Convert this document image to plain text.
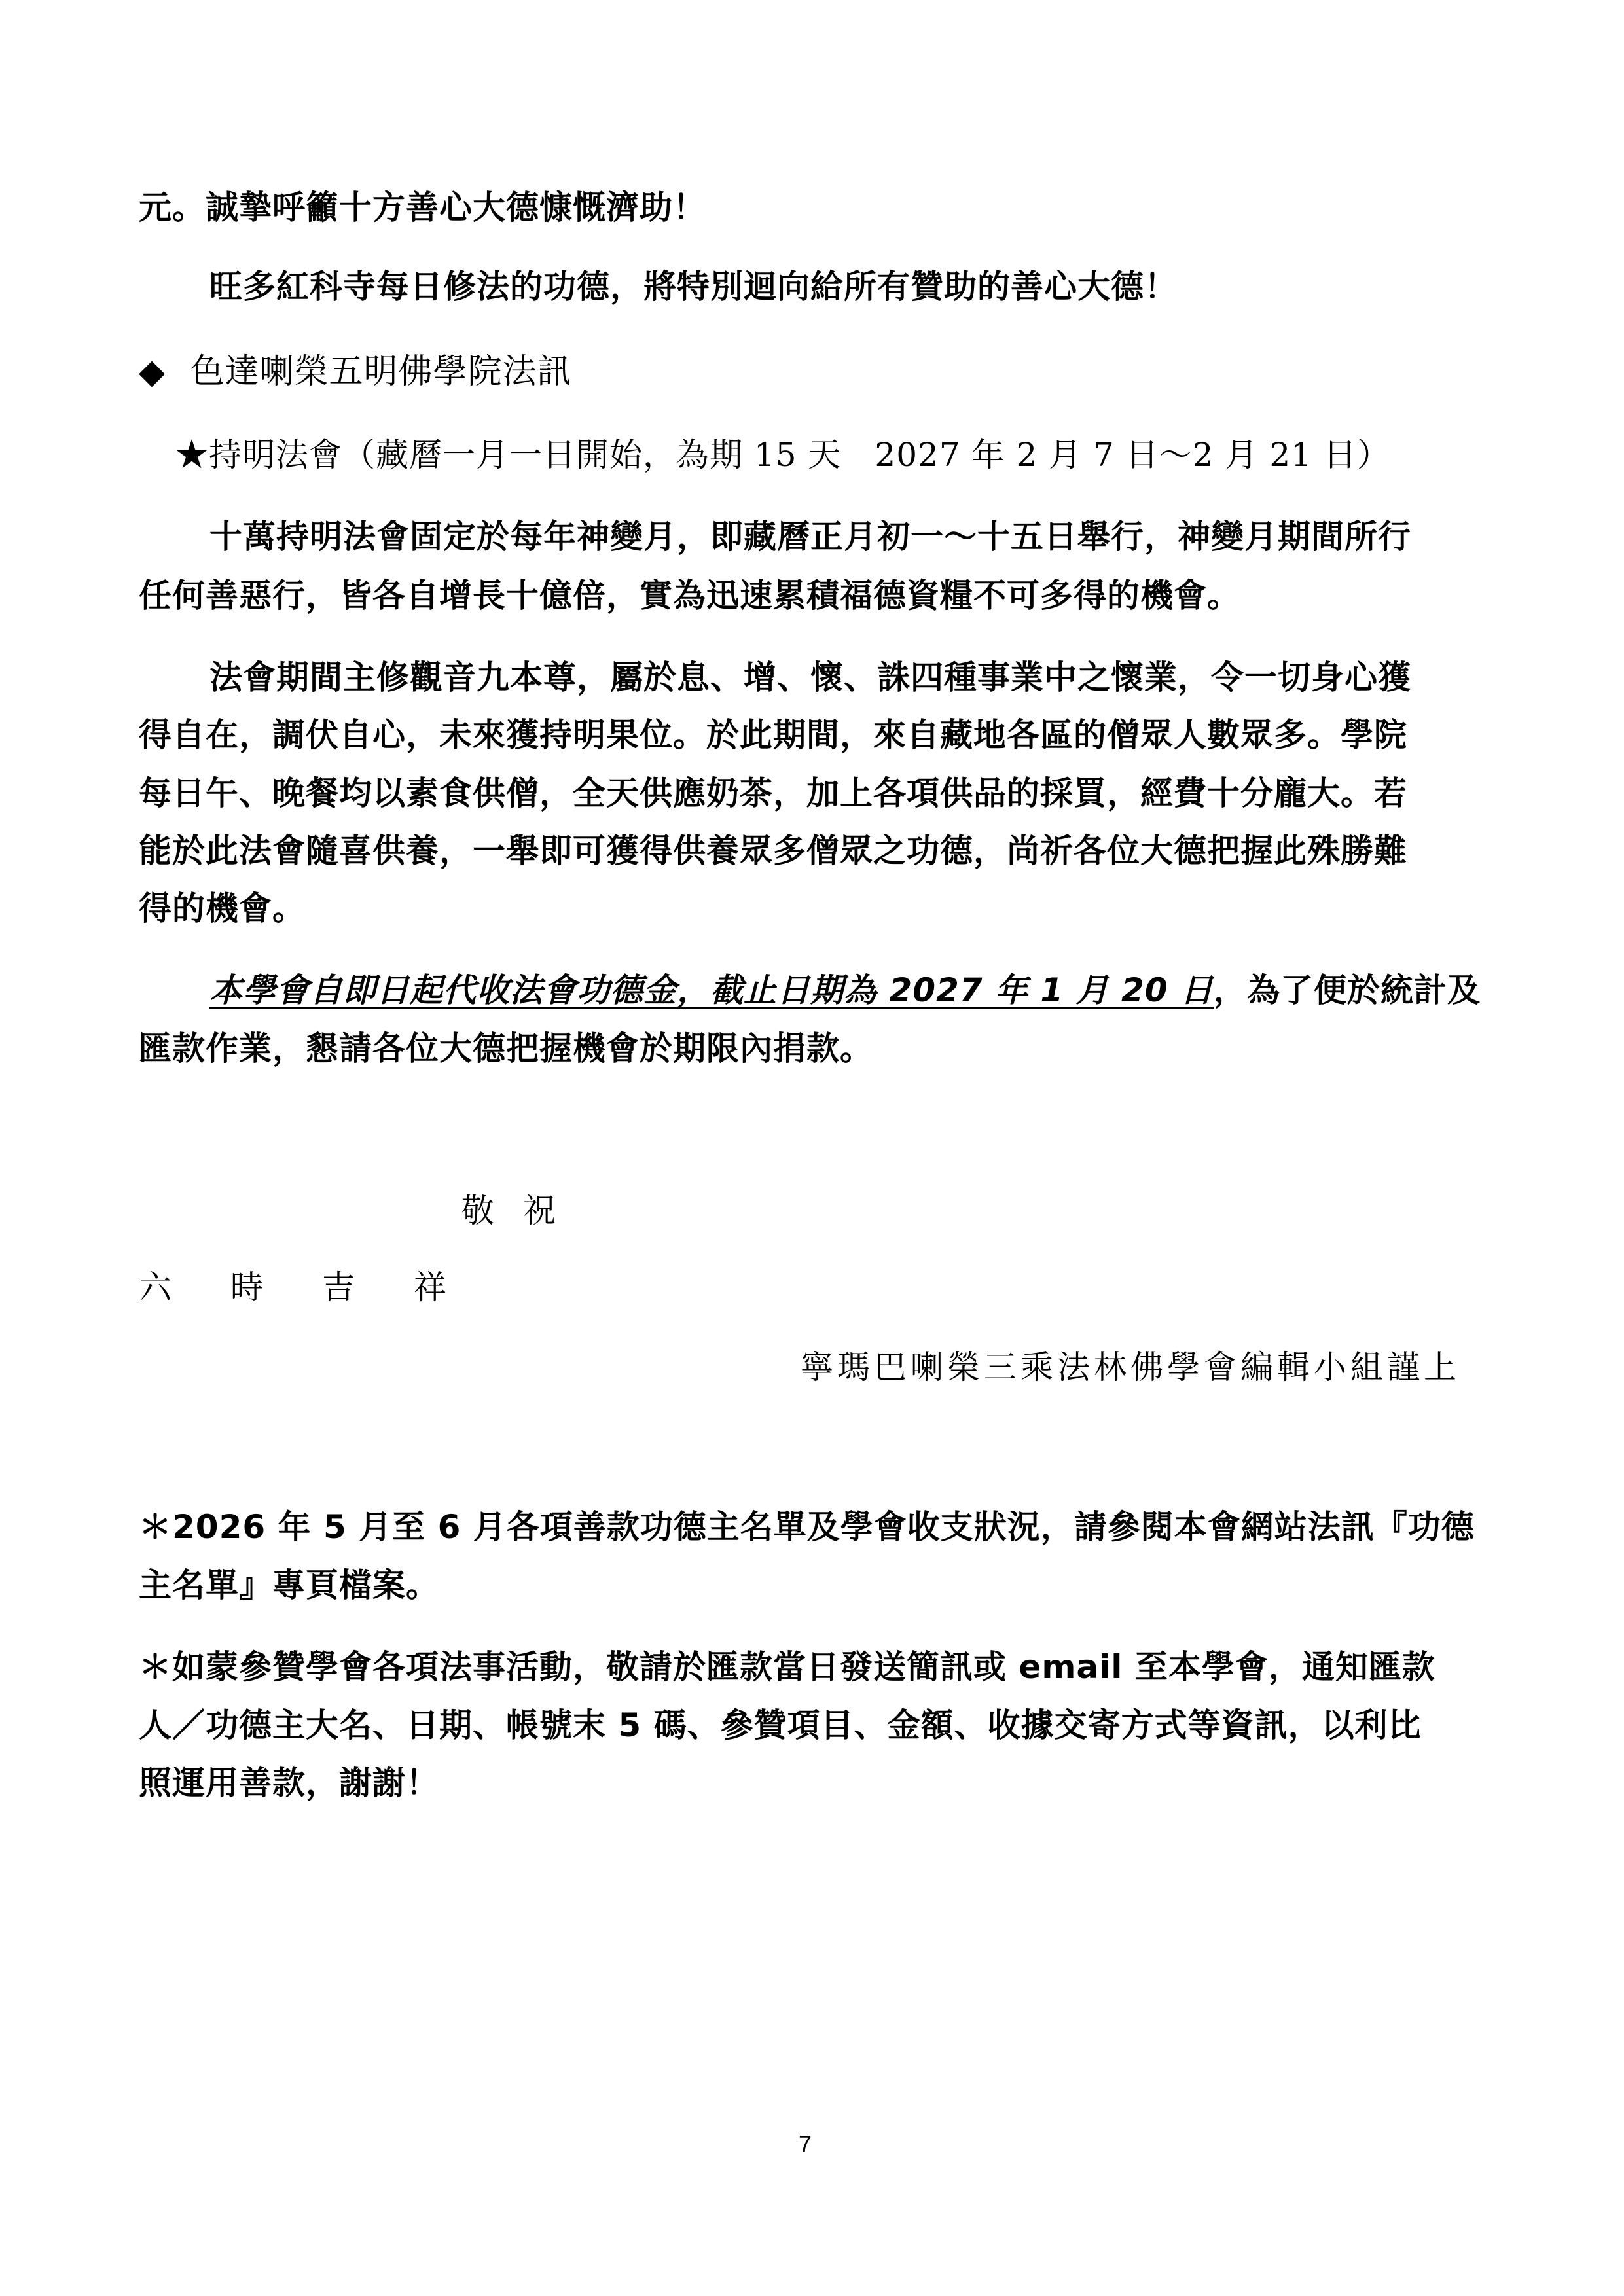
元。誠摯呼籲十方善心大德慷慨濟助！
旺多紅科寺每日修法的功德，將特別迴向給所有贊助的善心大德！
◆ 色達喇榮五明佛學院法訊
★持明法會（藏曆一月一日開始，為期 15 天　2027 年 2 月 7 日～2 月 21 日）
十萬持明法會固定於每年神變月，即藏曆正月初一～十五日舉行，神變月期間所行
任何善惡行，皆各自增長十億倍，實為迅速累積福德資糧不可多得的機會。
法會期間主修觀音九本尊，屬於息、增、懷、誅四種事業中之懷業，令一切身心獲
得自在，調伏自心，未來獲持明果位。於此期間，來自藏地各區的僧眾人數眾多。學院
每日午、晚餐均以素食供僧，全天供應奶茶，加上各項供品的採買，經費十分龐大。若
能於此法會隨喜供養，一舉即可獲得供養眾多僧眾之功德，尚祈各位大德把握此殊勝難
得的機會。
本學會自即日起代收法會功德金，截止日期為 2027 年 1 月 20 日，為了便於統計及
匯款作業，懇請各位大德把握機會於期限內捐款。
敬祝
六時吉祥
寧瑪巴喇榮三乘法林佛學會編輯小組謹上
＊2026 年 5 月至 6 月各項善款功德主名單及學會收支狀況，請參閱本會網站法訊『功德
主名單』專頁檔案。
＊如蒙參贊學會各項法事活動，敬請於匯款當日發送簡訊或 email 至本學會，通知匯款
人／功德主大名、日期、帳號末 5 碼、參贊項目、金額、收據交寄方式等資訊，以利比
照運用善款，謝謝！
7
